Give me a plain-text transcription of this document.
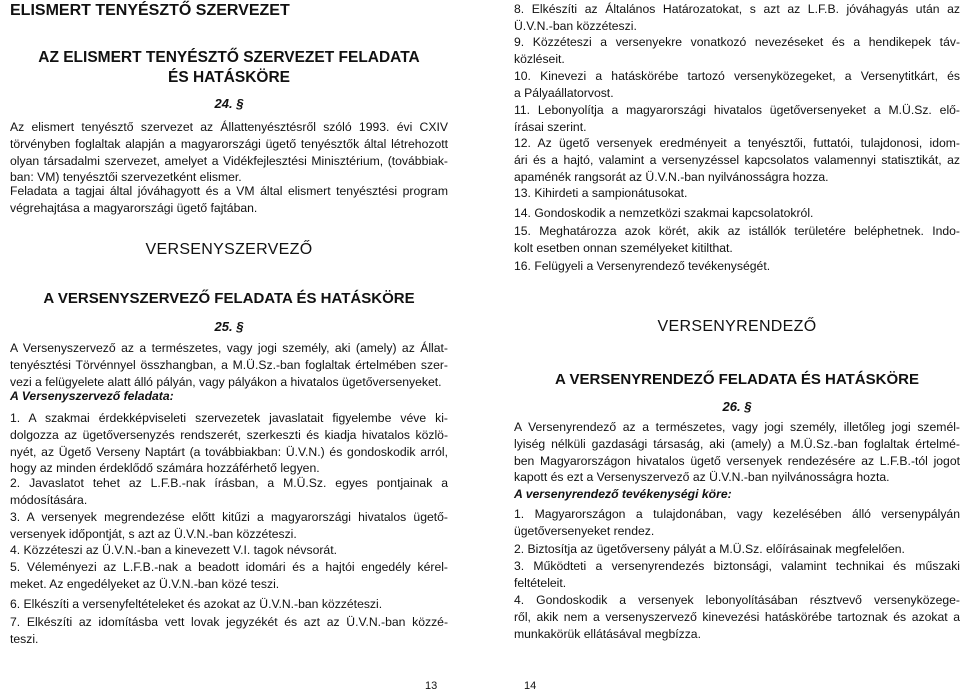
ELISMERT TENYÉSZTŐ SZERVEZET
AZ ELISMERT TENYÉSZTŐ SZERVEZET FELADATA
ÉS HATÁSKÖRE
24. §

Az elismert tenyésztő szervezet az Állattenyésztésről szóló 1993. évi CXIV

törvényben foglaltak alapján a magyarországi ügető tenyésztők által létrehozott

olyan társadalmi szervezet, amelyet a Vidékfejlesztési Minisztérium, (továbbiak-

ban: VM) tenyésztői szervezetként elismer.

Feladata a tagjai által jóváhagyott és a VM által elismert tenyésztési program

végrehajtása a magyarországi ügető fajtában.

VERSENYSZERVEZŐ
A VERSENYSZERVEZŐ FELADATA ÉS HATÁSKÖRE
25. §

A Versenyszervező az a természetes, vagy jogi személy, aki (amely) az Állat-

tenyésztési Törvénnyel összhangban, a M.Ü.Sz.-ban foglaltak értelmében szer-

vezi a felügyelete alatt álló pályán, vagy pályákon a hivatalos ügetőversenyeket.

A Versenyszervező feladata:

1. A szakmai érdekképviseleti szervezetek javaslatait figyelembe véve ki-

dolgozza az ügetőversenyzés rendszerét, szerkeszti és kiadja hivatalos közlö-

nyét, az Ügető Verseny Naptárt (a továbbiakban: Ü.V.N.) és gondoskodik arról,

hogy az minden érdeklődő számára hozzáférhető legyen.

2. Javaslatot tehet az L.F.B.-nak írásban, a M.Ü.Sz. egyes pontjainak a

módosítására.

3. A versenyek megrendezése előtt kitűzi a magyarországi hivatalos ügető-

versenyek időpontját, s azt az Ü.V.N.-ban közzéteszi.

4. Közzéteszi az Ü.V.N.-ban a kinevezett V.I. tagok névsorát.

5. Véleményezi az L.F.B.-nak a beadott idomári és a hajtói engedély kérel-

meket. Az engedélyeket az Ü.V.N.-ban közé teszi.

6. Elkészíti a versenyfeltételeket és azokat az Ü.V.N.-ban közzéteszi.

7. Elkészíti az idomításba vett lovak jegyzékét és azt az Ü.V.N.-ban közzé-

teszi.

8. Elkészíti az Általános Határozatokat, s azt az L.F.B. jóváhagyás után az

Ü.V.N.-ban közzéteszi.

9. Közzéteszi a versenyekre vonatkozó nevezéseket és a hendikepek táv-

közléseit.

10. Kinevezi a hatáskörébe tartozó versenyközegeket, a Versenytitkárt, és

a Pályaállatorvost.

11. Lebonyolítja a magyarországi hivatalos ügetőversenyeket a M.Ü.Sz. elő-

írásai szerint.

12. Az ügető versenyek eredményeit a tenyésztői, futtatói, tulajdonosi, idom-

ári és a hajtó, valamint a versenyzéssel kapcsolatos valamennyi statisztikát, az

apaménék rangsorát az Ü.V.N.-ban nyilvánosságra hozza.

13. Kihirdeti a sampionátusokat.

14. Gondoskodik a nemzetközi szakmai kapcsolatokról.

15. Meghatározza azok körét, akik az istállók területére beléphetnek. Indo-

kolt esetben onnan személyeket kitilthat.

16. Felügyeli a Versenyrendező tevékenységét.

VERSENYRENDEZŐ
A VERSENYRENDEZŐ FELADATA ÉS HATÁSKÖRE
26. §

A Versenyrendező az a természetes, vagy jogi személy, illetőleg jogi személ-

lyiség nélküli gazdasági társaság, aki (amely) a M.Ü.Sz.-ban foglaltak értelmé-

ben Magyarországon hivatalos ügető versenyek rendezésére az L.F.B.-tól jogot

kapott és ezt a Versenyszervező az Ü.V.N.-ban nyilvánosságra hozta.

A versenyrendező tevékenységi köre:

1. Magyarországon a tulajdonában, vagy kezelésében álló versenypályán

ügetőversenyeket rendez.

2. Biztosítja az ügetőverseny pályát a M.Ü.Sz. előírásainak megfelelően.

3. Működteti a versenyrendezés biztonsági, valamint technikai és műszaki

feltételeit.

4. Gondoskodik a versenyek lebonyolításában résztvevő versenyközege-

ről, akik nem a versenyszervező kinevezési hatáskörébe tartoznak és azokat a

munkakörük ellátásával megbízza.

13	14
